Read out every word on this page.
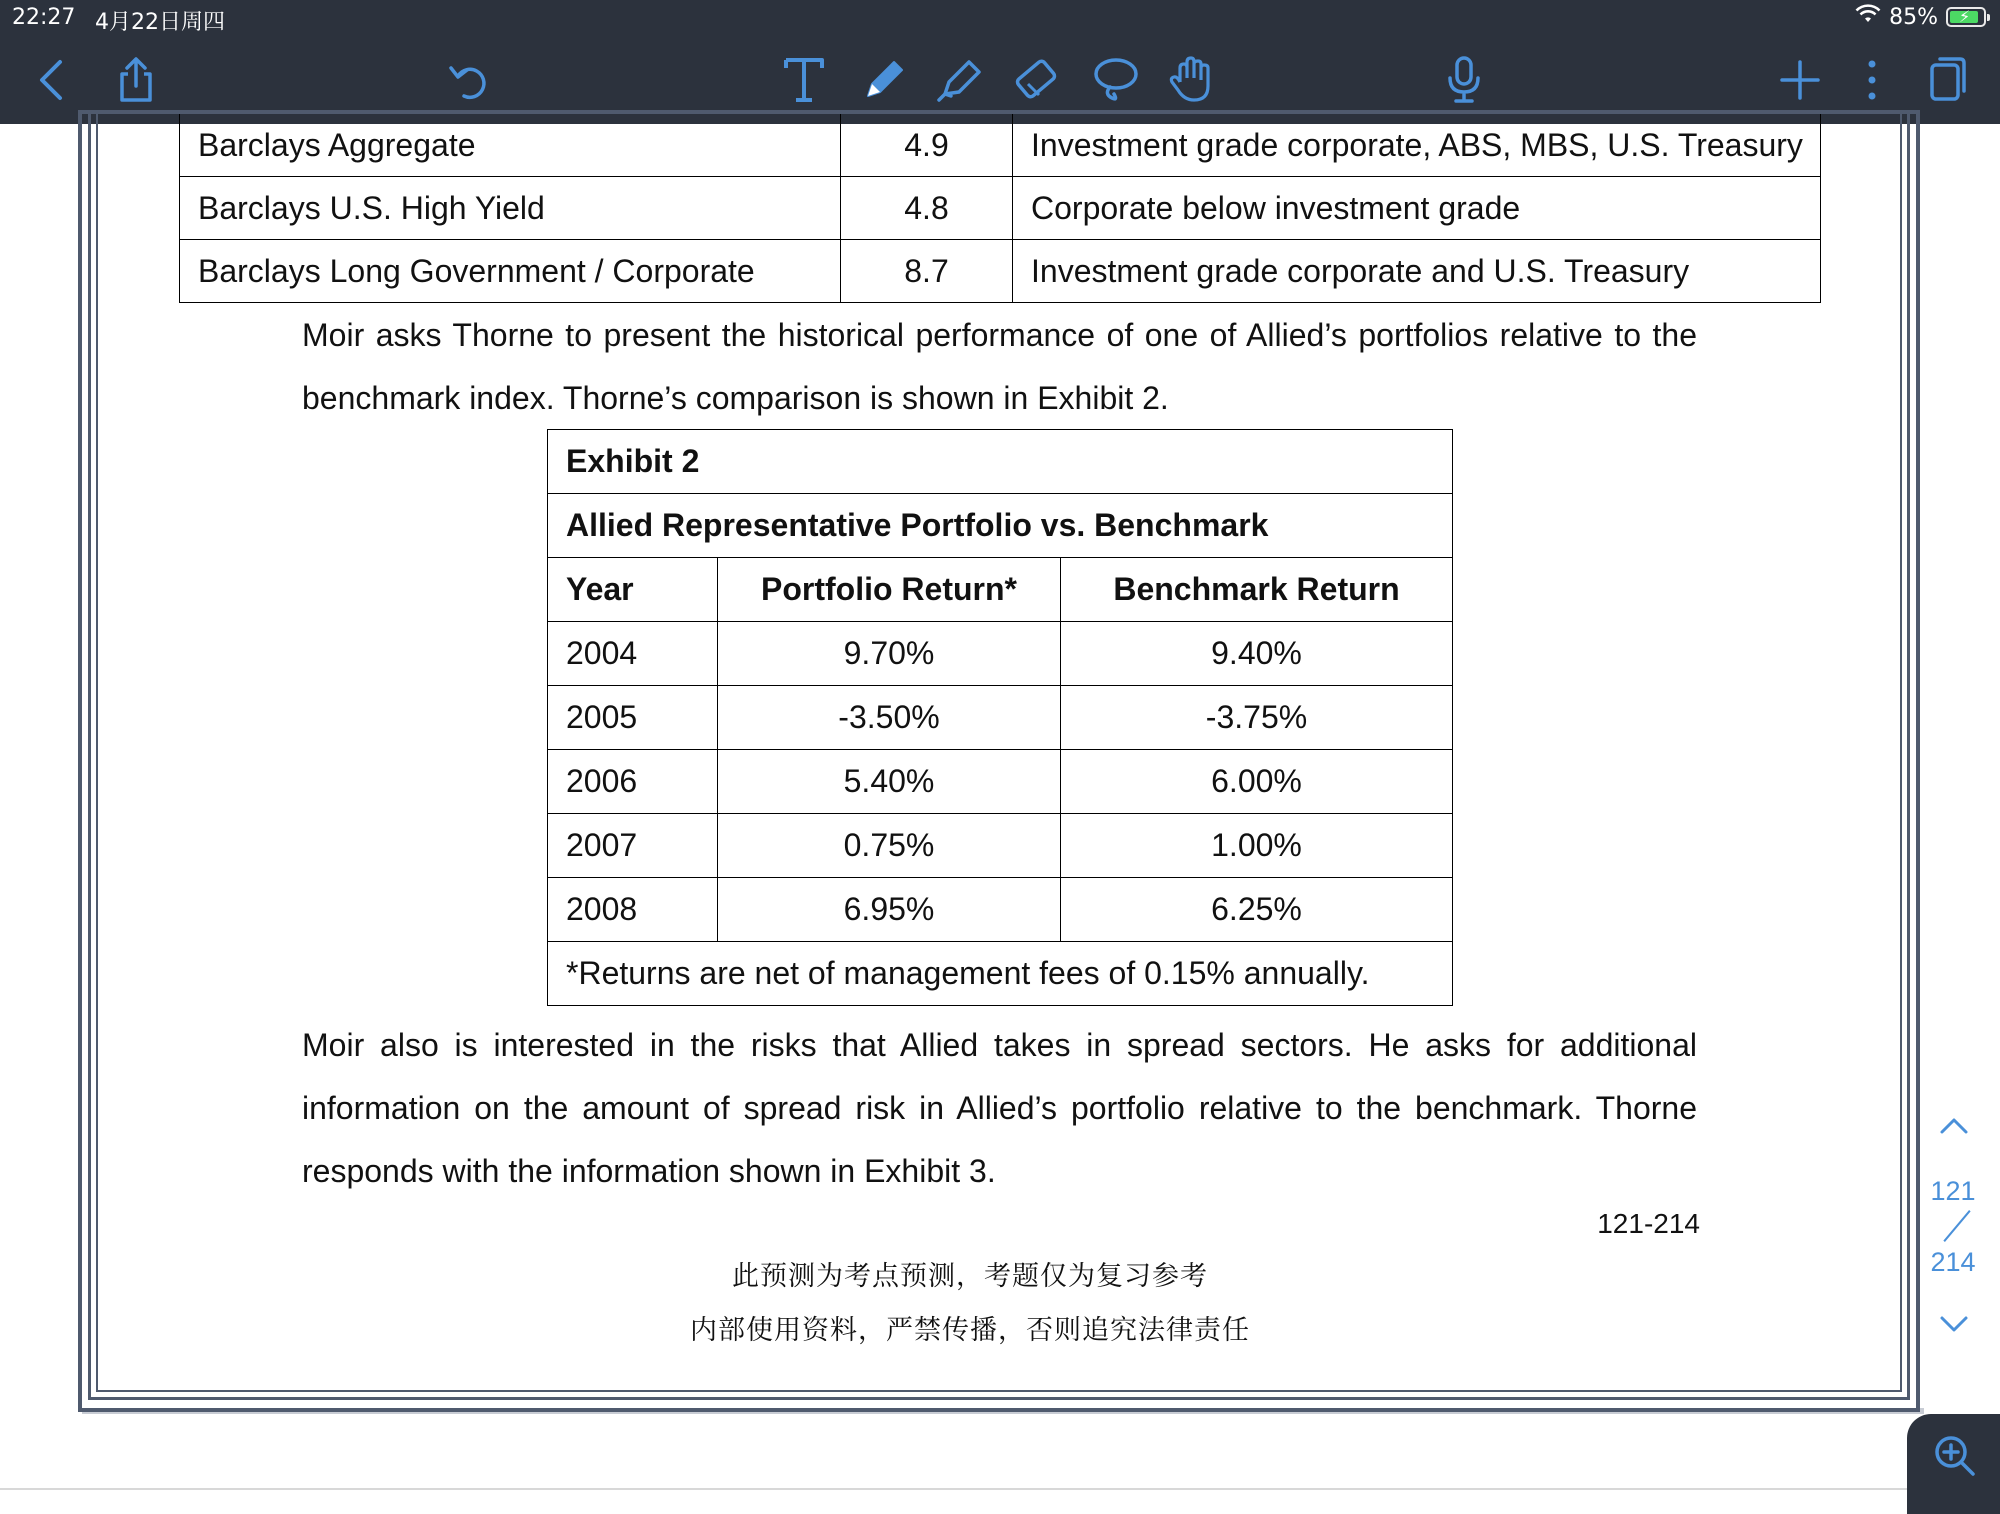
22:27 4月22日周四	85% ⚡
Barclays Aggregate	4.9	Investment grade corporate, ABS, MBS, U.S. Treasury
Barclays U.S. High Yield	4.8	Corporate below investment grade
Barclays Long Government / Corporate	8.7	Investment grade corporate and U.S. Treasury
Moir asks Thorne to present the historical performance of one of Allied’s portfolios relative to the benchmark index. Thorne’s comparison is shown in Exhibit 2.
Exhibit 2		
Allied Representative Portfolio vs. Benchmark		
Year	Portfolio Return*	Benchmark Return
2004	9.70%	9.40%
2005	-3.50%	-3.75%
2006	5.40%	6.00%
2007	0.75%	1.00%
2008	6.95%	6.25%
*Returns are net of management fees of 0.15% annually.		
Moir also is interested in the risks that Allied takes in spread sectors. He asks for additional information on the amount of spread risk in Allied’s portfolio relative to the benchmark. Thorne responds with the information shown in Exhibit 3.
121-214
此预测为考点预测，考题仅为复习参考
内部使用资料，严禁传播，否则追究法律责任
121
214
